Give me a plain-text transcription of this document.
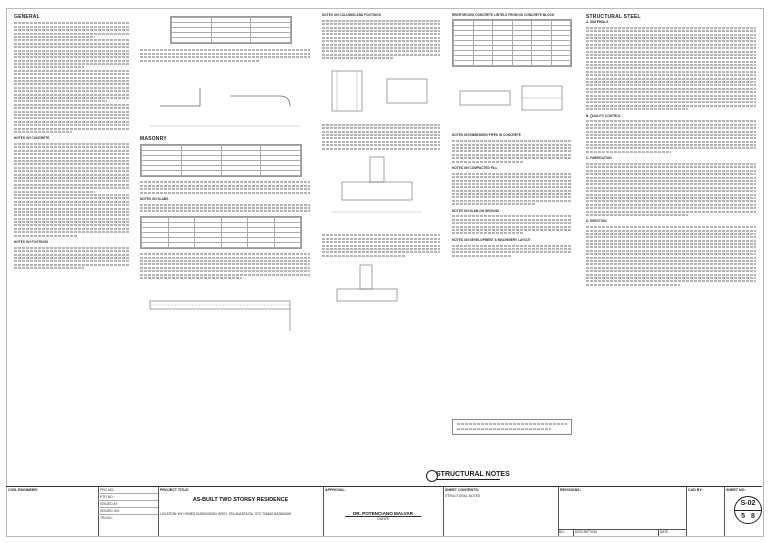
GENERAL
NOTES ON CONCRETE
NOTES ON FOOTINGS

MASONRY

NOTES ON SLABS

NOTES ON COLUMNS AND FOOTINGS	REINFORCING CONCRETE LINTELS FROM NO CONCRETE BLOCK

NOTES ON EMBEDDED PIPES IN CONCRETE
NOTES ON COMPACTED FILL
NOTES ON SLAB ON GROUND
NOTES ON DEVELOPMENT & MACHINERY LAYOUT
STRUCTURAL STEEL
A. MATERIALS
B. QUALITY CONTROL
C. FABRICATION
D. ERECTION
STRUCTURAL NOTES
CIVIL ENGINEER:	PRC NO.:
PTR NO.:
ISSUED AT:
ISSUED ON:
TIN NO.:
PROJECT TITLE:
AS-BUILT TWO STOREY RESIDENCE
LOCATION: MY HOMES SUBDIVISION, BRGY. STA ANASTACIA, STO TOMAS BATANGAS
APPROVAL:
DR. POTENCIANO MALVAR
OWNER
SHEET CONTENTS:
STRUCTURAL NOTES
REVISIONS:
NO.	DESCRIPTION	DATE
CAD BY:	SHEET NO:
S-02
5 8
